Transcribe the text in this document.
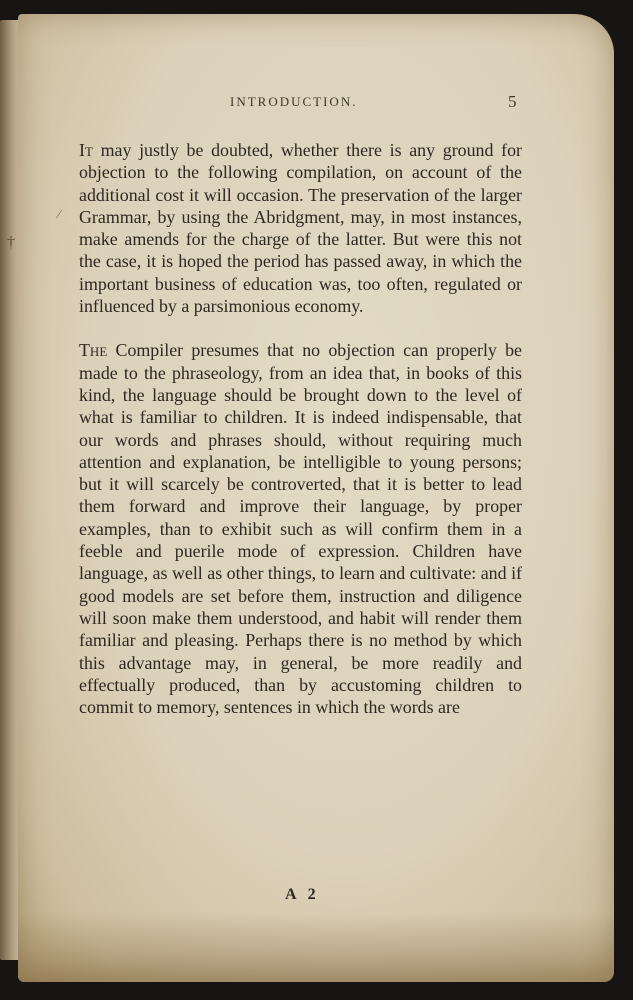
INTRODUCTION.	5

It may justly be doubted, whether there is any ground for objection to the following compilation, on account of the additional cost it will occasion. The preservation of the larger Grammar, by using the Abridgment, may, in most instances, make amends for the charge of the latter. But were this not the case, it is hoped the period has passed away, in which the important business of education was, too often, regulated or influenced by a parsimonious economy.

The Compiler presumes that no objection can properly be made to the phraseology, from an idea that, in books of this kind, the language should be brought down to the level of what is familiar to children. It is indeed indispensable, that our words and phrases should, without requiring much attention and explanation, be intelligible to young persons; but it will scarcely be controverted, that it is better to lead them forward and improve their language, by proper examples, than to exhibit such as will confirm them in a feeble and puerile mode of expression. Children have language, as well as other things, to learn and cultivate: and if good models are set before them, instruction and diligence will soon make them understood, and habit will render them familiar and pleasing. Perhaps there is no method by which this advantage may, in general, be more readily and effectually produced, than by accustoming children to commit to memory, sentences in which the words are

A 2
∕
†
